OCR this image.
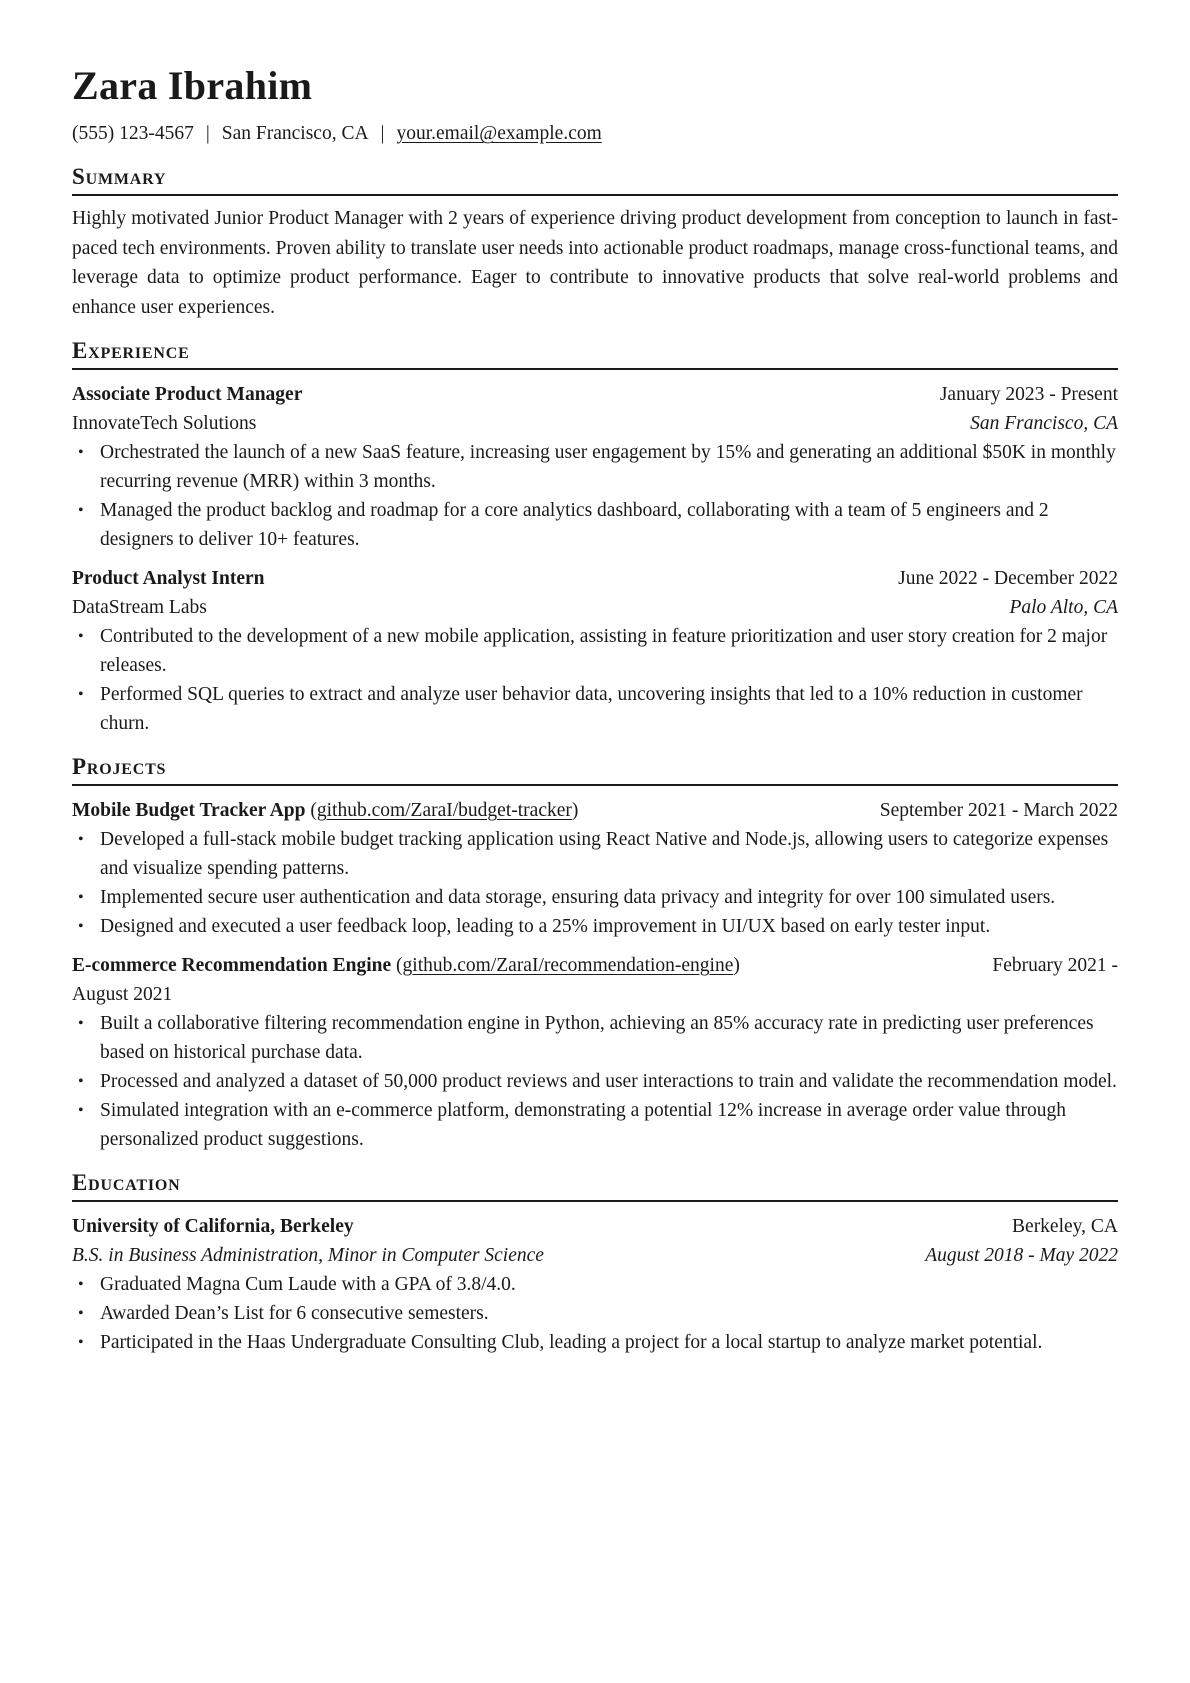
Zara Ibrahim
(555) 123-4567 | San Francisco, CA | your.email@example.com
Summary

Highly motivated Junior Product Manager with 2 years of experience driving product development from conception to launch in fast-paced tech environments. Proven ability to translate user needs into actionable product roadmaps, manage cross-functional teams, and leverage data to optimize product performance. Eager to contribute to innovative products that solve real-world problems and enhance user experiences.

Experience
Associate Product Manager	January 2023 - Present
InnovateTech Solutions	San Francisco, CA
• Orchestrated the launch of a new SaaS feature, increasing user engagement by 15% and generating an additional $50K in monthly recurring revenue (MRR) within 3 months.
• Managed the product backlog and roadmap for a core analytics dashboard, collaborating with a team of 5 engineers and 2 designers to deliver 10+ features.
Product Analyst Intern	June 2022 - December 2022
DataStream Labs	Palo Alto, CA
• Contributed to the development of a new mobile application, assisting in feature prioritization and user story creation for 2 major releases.
• Performed SQL queries to extract and analyze user behavior data, uncovering insights that led to a 10% reduction in customer churn.
Projects
Mobile Budget Tracker App (github.com/ZaraI/budget-tracker)	September 2021 - March 2022
• Developed a full-stack mobile budget tracking application using React Native and Node.js, allowing users to categorize expenses and visualize spending patterns.
• Implemented secure user authentication and data storage, ensuring data privacy and integrity for over 100 simulated users.
• Designed and executed a user feedback loop, leading to a 25% improvement in UI/UX based on early tester input.
E-commerce Recommendation Engine (github.com/ZaraI/recommendation-engine)	February 2021 -
August 2021
• Built a collaborative filtering recommendation engine in Python, achieving an 85% accuracy rate in predicting user preferences based on historical purchase data.
• Processed and analyzed a dataset of 50,000 product reviews and user interactions to train and validate the recommendation model.
• Simulated integration with an e-commerce platform, demonstrating a potential 12% increase in average order value through personalized product suggestions.
Education
University of California, Berkeley	Berkeley, CA
B.S. in Business Administration, Minor in Computer Science	August 2018 - May 2022
• Graduated Magna Cum Laude with a GPA of 3.8/4.0.
• Awarded Dean’s List for 6 consecutive semesters.
• Participated in the Haas Undergraduate Consulting Club, leading a project for a local startup to analyze market potential.
